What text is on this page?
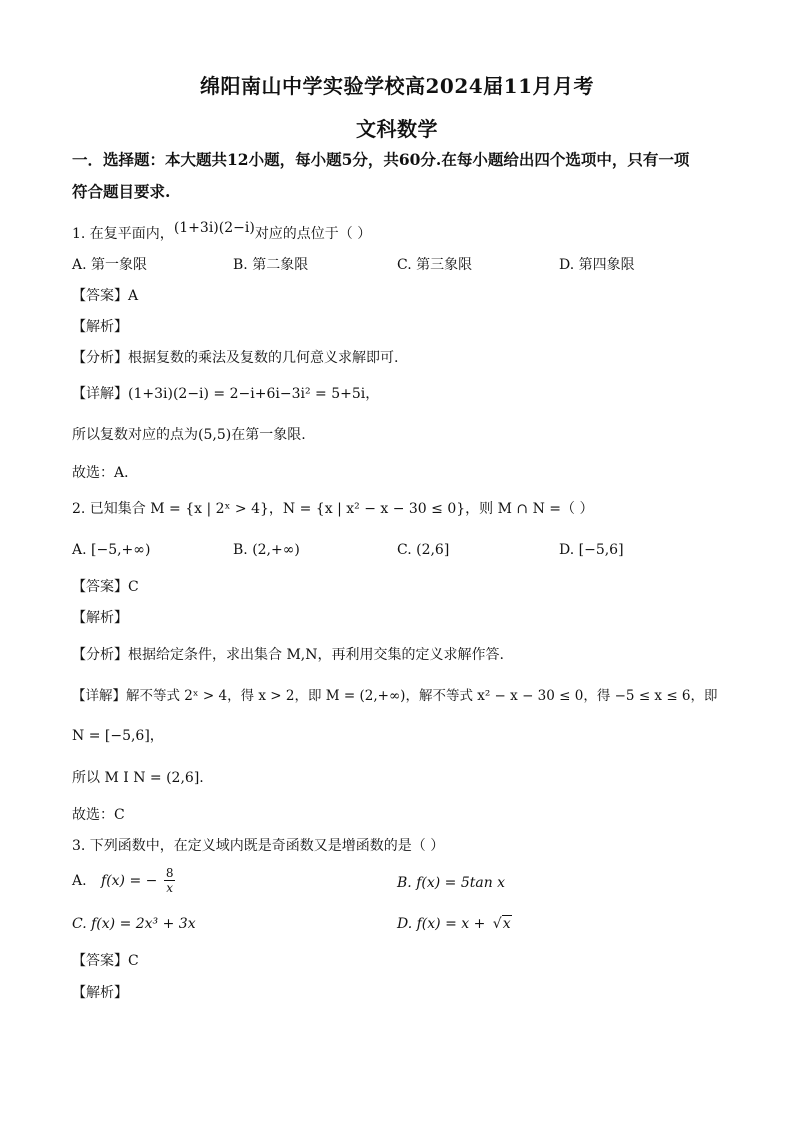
绵阳南山中学实验学校高2024届11月月考
文科数学
一．选择题：本大题共12小题，每小题5分，共60分.在每小题给出四个选项中，只有一项
符合题目要求.
1. 在复平面内，(1+3i)(2−i)对应的点位于（ ）
A. 第一象限	B. 第二象限	C. 第三象限	D. 第四象限
【答案】A
【解析】
【分析】根据复数的乘法及复数的几何意义求解即可.
【详解】(1+3i)(2−i) = 2−i+6i−3i² = 5+5i，
所以复数对应的点为(5,5)在第一象限.
故选：A．
2. 已知集合 M = {x | 2ˣ > 4}，N = {x | x² − x − 30 ≤ 0}，则 M ∩ N =（ ）
A. [−5,+∞)	B. (2,+∞)	C. (2,6]	D. [−5,6]
【答案】C
【解析】
【分析】根据给定条件，求出集合 M,N，再利用交集的定义求解作答.
【详解】解不等式 2ˣ > 4，得 x > 2，即 M = (2,+∞)，解不等式 x² − x − 30 ≤ 0，得 −5 ≤ x ≤ 6，即
N = [−5,6]，
所以 M I N = (2,6].
故选：C
3. 下列函数中，在定义域内既是奇函数又是增函数的是（ ）
A. f(x) = − $\frac{8}{x}$	B. f(x) = 5tan x
C. f(x) = 2x³ + 3x	D. f(x) = x + √x
【答案】C
【解析】
